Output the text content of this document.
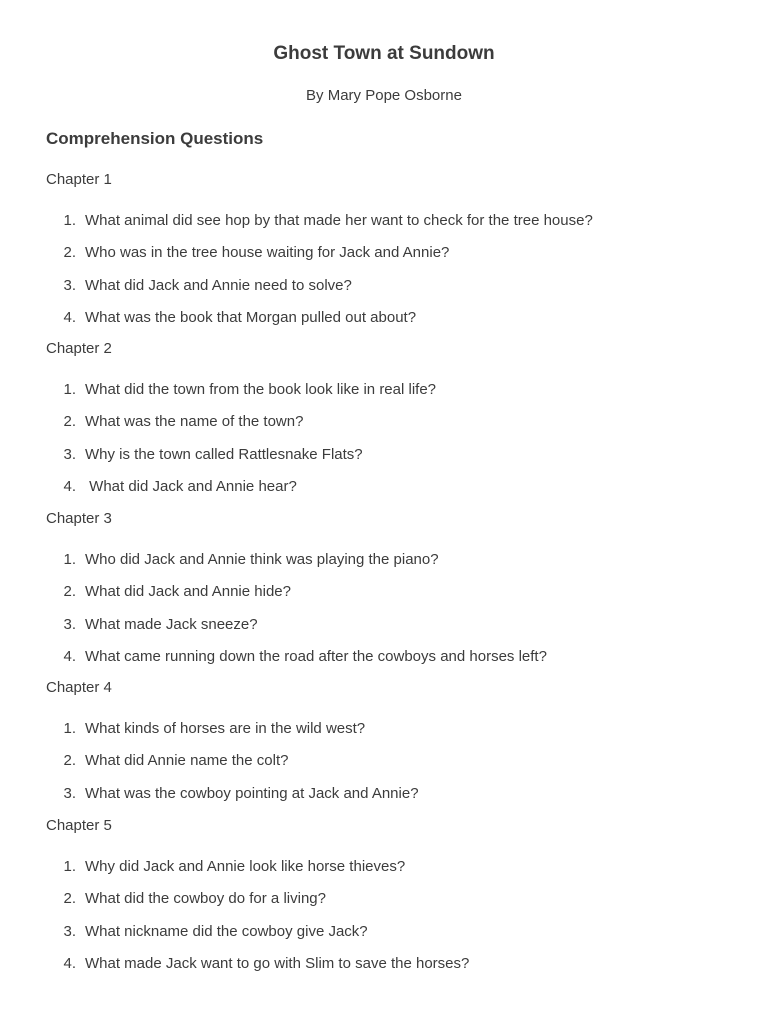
Ghost Town at Sundown
By Mary Pope Osborne
Comprehension Questions
Chapter 1
1. What animal did see hop by that made her want to check for the tree house?
2. Who was in the tree house waiting for Jack and Annie?
3. What did Jack and Annie need to solve?
4. What was the book that Morgan pulled out about?
Chapter 2
1. What did the town from the book look like in real life?
2. What was the name of the town?
3. Why is the town called Rattlesnake Flats?
4. What did Jack and Annie hear?
Chapter 3
1. Who did Jack and Annie think was playing the piano?
2. What did Jack and Annie hide?
3. What made Jack sneeze?
4. What came running down the road after the cowboys and horses left?
Chapter 4
1. What kinds of horses are in the wild west?
2. What did Annie name the colt?
3. What was the cowboy pointing at Jack and Annie?
Chapter 5
1. Why did Jack and Annie look like horse thieves?
2. What did the cowboy do for a living?
3. What nickname did the cowboy give Jack?
4. What made Jack want to go with Slim to save the horses?
